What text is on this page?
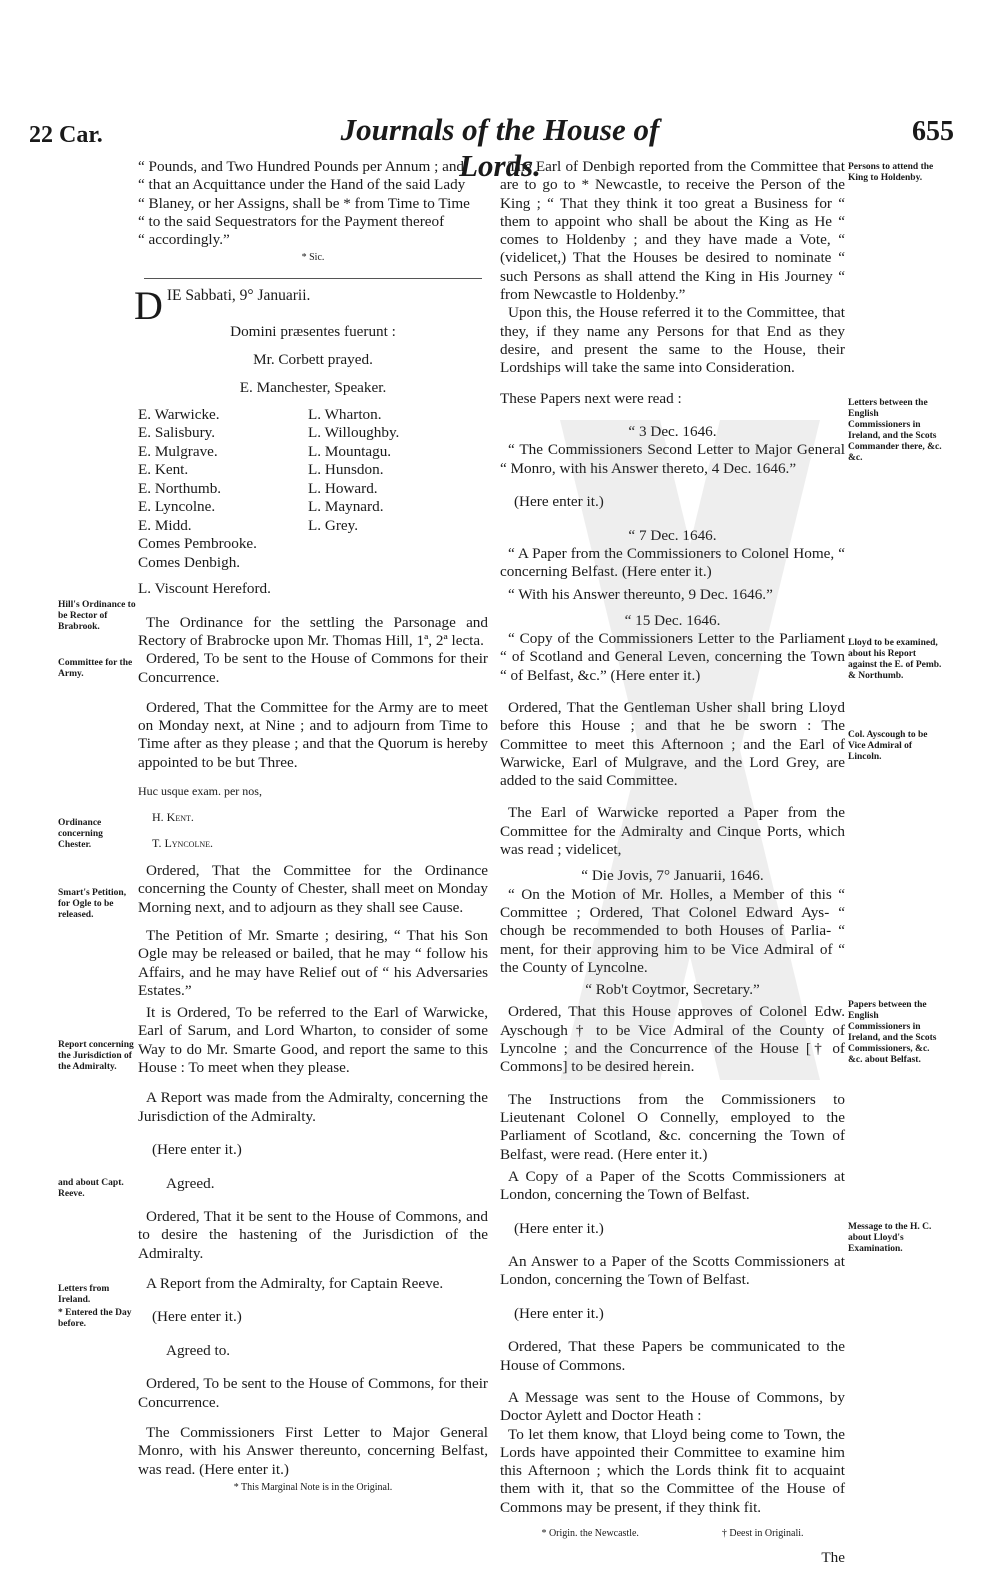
22 Car.	Journals of the House of Lords.
655

“ Pounds, and Two Hundred Pounds per Annum ; and

“ that an Acquittance under the Hand of the said Lady

“ Blaney, or her Assigns, shall be * from Time to Time

“ to the said Sequestrators for the Payment thereof

“ accordingly.”

* Sic.

DIE Sabbati, 9° Januarii.

Domini præsentes fuerunt :

Mr. Corbett prayed.

E. Manchester, Speaker.

E. Warwicke.
E. Salisbury.
E. Mulgrave.
E. Kent.
E. Northumb.
E. Lyncolne.
E. Midd.
Comes Pembrooke.
Comes Denbigh.
L. Wharton.
L. Willoughby.
L. Mountagu.
L. Hunsdon.
L. Howard.
L. Maynard.
L. Grey.

L. Viscount Hereford.

The Ordinance for the settling the Parsonage and Rectory of Brabrocke upon Mr. Thomas Hill, 1ª, 2ª lecta.

Ordered, To be sent to the House of Commons for their Concurrence.

Ordered, That the Committee for the Army are to meet on Monday next, at Nine ; and to adjourn from Time to Time after as they please ; and that the Quorum is hereby appointed to be but Three.

Huc usque exam. per nos,

H. Kent.

T. Lyncolne.

Ordered, That the Committee for the Ordinance concerning the County of Chester, shall meet on Monday Morning next, and to adjourn as they shall see Cause.

The Petition of Mr. Smarte ; desiring, “ That his Son Ogle may be released or bailed, that he may “ follow his Affairs, and he may have Relief out of “ his Adversaries Estates.”

It is Ordered, To be referred to the Earl of Warwicke, Earl of Sarum, and Lord Wharton, to consider of some Way to do Mr. Smarte Good, and report the same to this House : To meet when they please.

A Report was made from the Admiralty, concerning the Jurisdiction of the Admiralty.

(Here enter it.)

Agreed.

Ordered, That it be sent to the House of Commons, and to desire the hastening of the Jurisdiction of the Admiralty.

A Report from the Admiralty, for Captain Reeve.

(Here enter it.)

Agreed to.

Ordered, To be sent to the House of Commons, for their Concurrence.

The Commissioners First Letter to Major General Monro, with his Answer thereunto, concerning Belfast, was read. (Here enter it.)

* This Marginal Note is in the Original.

The Earl of Denbigh reported from the Committee that are to go to * Newcastle, to receive the Person of the King ; “ That they think it too great a Business for “ them to appoint who shall be about the King as He “ comes to Holdenby ; and they have made a Vote, “ (videlicet,) That the Houses be desired to nominate “ such Persons as shall attend the King in His Journey “ from Newcastle to Holdenby.”

Upon this, the House referred it to the Committee, that they, if they name any Persons for that End as they desire, and present the same to the House, their Lordships will take the same into Consideration.

These Papers next were read :

“ 3 Dec. 1646.

“ The Commissioners Second Letter to Major General “ Monro, with his Answer thereto, 4 Dec. 1646.”

(Here enter it.)

“ 7 Dec. 1646.

“ A Paper from the Commissioners to Colonel Home, “ concerning Belfast. (Here enter it.)

“ With his Answer thereunto, 9 Dec. 1646.”

“ 15 Dec. 1646.

“ Copy of the Commissioners Letter to the Parliament “ of Scotland and General Leven, concerning the Town “ of Belfast, &c.” (Here enter it.)

Ordered, That the Gentleman Usher shall bring Lloyd before this House ; and that he be sworn : The Committee to meet this Afternoon ; and the Earl of Warwicke, Earl of Mulgrave, and the Lord Grey, are added to the said Committee.

The Earl of Warwicke reported a Paper from the Committee for the Admiralty and Cinque Ports, which was read ; videlicet,

“ Die Jovis, 7° Januarii, 1646.

“ On the Motion of Mr. Holles, a Member of this “ Committee ; Ordered, That Colonel Edward Ays- “ chough be recommended to both Houses of Parlia- “ ment, for their approving him to be Vice Admiral of “ the County of Lyncolne.

“ Rob't Coytmor, Secretary.”

Ordered, That this House approves of Colonel Edw. Ayschough † to be Vice Admiral of the County of Lyncolne ; and the Concurrence of the House [† of Commons] to be desired herein.

The Instructions from the Commissioners to Lieutenant Colonel O Connelly, employed to the Parliament of Scotland, &c. concerning the Town of Belfast, were read. (Here enter it.)

A Copy of a Paper of the Scotts Commissioners at London, concerning the Town of Belfast.

(Here enter it.)

An Answer to a Paper of the Scotts Commissioners at London, concerning the Town of Belfast.

(Here enter it.)

Ordered, That these Papers be communicated to the House of Commons.

A Message was sent to the House of Commons, by Doctor Aylett and Doctor Heath :

To let them know, that Lloyd being come to Town, the Lords have appointed their Committee to examine him this Afternoon ; which the Lords think fit to acquaint them with it, that so the Committee of the House of Commons may be present, if they think fit.

* Origin. the Newcastle.	† Deest in Originali.

The

Hill's Ordinance to be Rector of Brabrook.
Committee for the Army.
Ordinance concerning Chester.
Smart's Petition, for Ogle to be released.
Report concerning the Jurisdiction of the Admiralty.
and about Capt. Reeve.
Letters from Ireland.
* Entered the Day before.
Persons to attend the King to Holdenby.
Letters between the English Commissioners in Ireland, and the Scots Commander there, &c. &c.
Lloyd to be examined, about his Report against the E. of Pemb. & Northumb.
Col. Ayscough to be Vice Admiral of Lincoln.
Papers between the English Commissioners in Ireland, and the Scots Commissioners, &c. &c. about Belfast.
Message to the H. C. about Lloyd's Examination.
